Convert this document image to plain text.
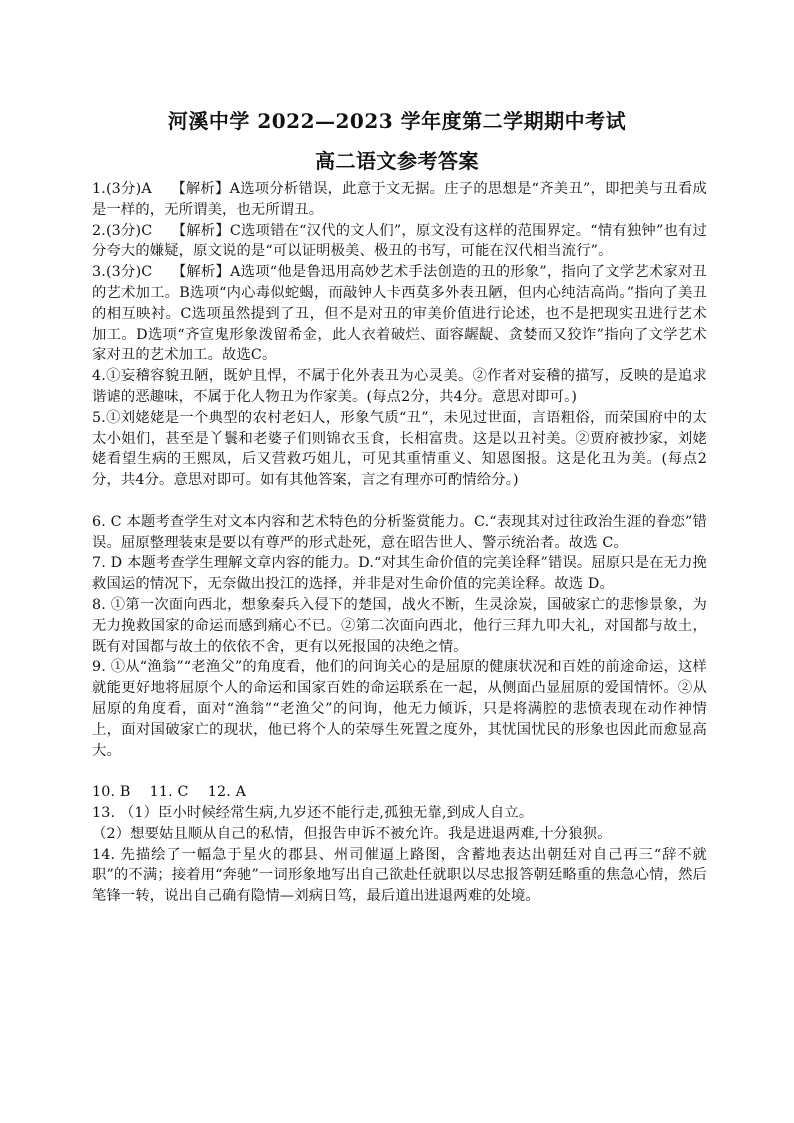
河溪中学 2022—2023 学年度第二学期期中考试
高二语文参考答案

1.(3分)A　 【解析】A选项分析错误，此意于文无据。庄子的思想是“齐美丑”，即把美与丑看成是一样的，无所谓美，也无所谓丑。

2.(3分)C　 【解析】C选项错在“汉代的文人们”，原文没有这样的范围界定。“情有独钟”也有过分夸大的嫌疑，原文说的是“可以证明极美、极丑的书写，可能在汉代相当流行”。

3.(3分)C　 【解析】A选项“他是鲁迅用高妙艺术手法创造的丑的形象”，指向了文学艺术家对丑的艺术加工。B选项“内心毒似蛇蝎，而敲钟人卡西莫多外表丑陋，但内心纯洁高尚。”指向了美丑的相互映衬。C选项虽然提到了丑，但不是对丑的审美价值进行论述，也不是把现实丑进行艺术加工。D选项“齐宣鬼形象泼留希金，此人衣着破烂、面容龌龊、贪婪而又狡诈”指向了文学艺术家对丑的艺术加工。故选C。

4.①妄稽容貌丑陋，既妒且悍，不属于化外表丑为心灵美。②作者对妄稽的描写，反映的是追求谐谑的恶趣味，不属于化人物丑为作家美。(每点2分，共4分。意思对即可。)

5.①刘姥姥是一个典型的农村老妇人，形象气质“丑”，未见过世面，言语粗俗，而荣国府中的太太小姐们，甚至是丫鬟和老婆子们则锦衣玉食，长相富贵。这是以丑衬美。②贾府被抄家，刘姥姥看望生病的王熙凤，后又营救巧姐儿，可见其重情重义、知恩图报。这是化丑为美。(每点2分，共4分。意思对即可。如有其他答案，言之有理亦可酌情给分。)

6. C 本题考查学生对文本内容和艺术特色的分析鉴赏能力。C.“表现其对过往政治生涯的眷恋”错误。屈原整理装束是要以有尊严的形式赴死，意在昭告世人、警示统治者。故选 C。

7. D 本题考查学生理解文章内容的能力。D.“对其生命价值的完美诠释”错误。屈原只是在无力挽救国运的情况下，无奈做出投江的选择，并非是对生命价值的完美诠释。故选 D。

8. ①第一次面向西北，想象秦兵入侵下的楚国，战火不断，生灵涂炭，国破家亡的悲惨景象，为无力挽救国家的命运而感到痛心不已。②第二次面向西北，他行三拜九叩大礼，对国都与故土，既有对国都与故土的依依不舍，更有以死报国的决绝之情。

9. ①从“渔翁”“老渔父”的角度看，他们的问询关心的是屈原的健康状况和百姓的前途命运，这样就能更好地将屈原个人的命运和国家百姓的命运联系在一起，从侧面凸显屈原的爱国情怀。②从屈原的角度看，面对“渔翁”“老渔父”的问询，他无力倾诉，只是将满腔的悲愤表现在动作神情上，面对国破家亡的现状，他已将个人的荣辱生死置之度外，其忧国忧民的形象也因此而愈显高大。

10. B　 11. C　 12. A

13. （1）臣小时候经常生病,九岁还不能行走,孤独无靠,到成人自立。

（2）想要姑且顺从自己的私情，但报告申诉不被允许。我是进退两难,十分狼狈。

14. 先描绘了一幅急于星火的郡县、州司催逼上路图，含蓄地表达出朝廷对自己再三“辞不就职”的不满；接着用“奔驰”一词形象地写出自己欲赴任就职以尽忠报答朝廷略重的焦急心情，然后笔锋一转，说出自己确有隐情—刘病日笃，最后道出进退两难的处境。
